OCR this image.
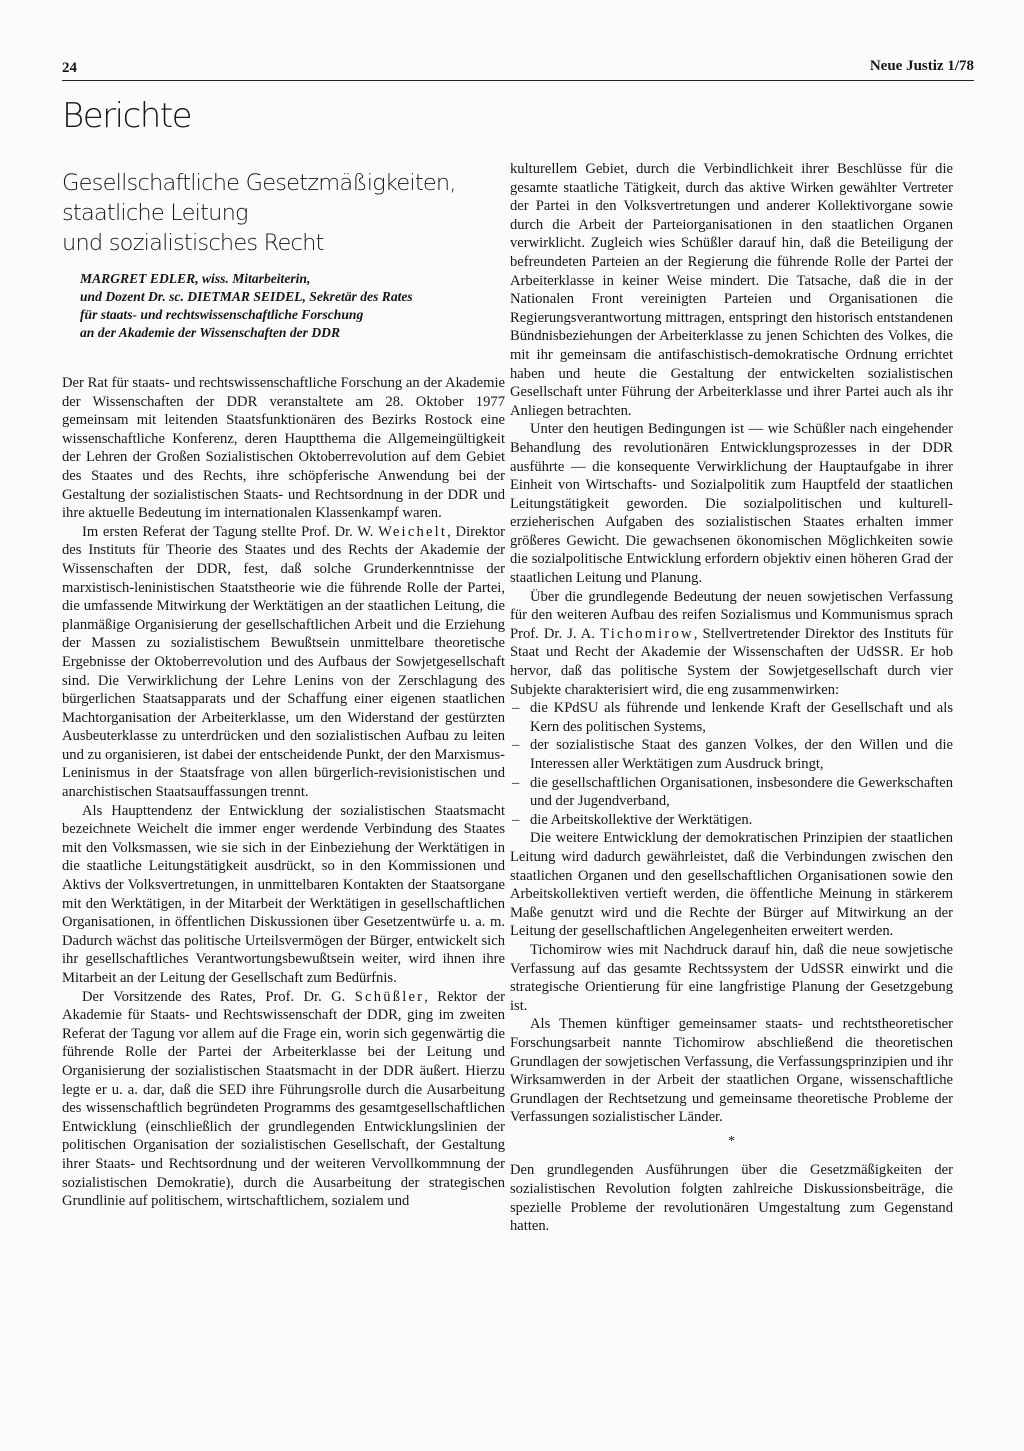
24	Neue Justiz 1/78
Berichte
Gesellschaftliche Gesetzmäßigkeiten,
staatliche Leitung
und sozialistisches Recht
MARGRET EDLER, wiss. Mitarbeiterin,
und Dozent Dr. sc. DIETMAR SEIDEL, Sekretär des Rates
für staats- und rechtswissenschaftliche Forschung
an der Akademie der Wissenschaften der DDR

Der Rat für staats- und rechtswissenschaftliche Forschung an der Akademie der Wissenschaften der DDR veranstaltete am 28. Oktober 1977 gemeinsam mit leitenden Staatsfunktionären des Bezirks Rostock eine wissenschaftliche Konferenz, deren Hauptthema die Allgemeingültigkeit der Lehren der Großen Sozialistischen Oktoberrevolution auf dem Gebiet des Staates und des Rechts, ihre schöpferische Anwendung bei der Gestaltung der sozialistischen Staats- und Rechtsordnung in der DDR und ihre aktuelle Bedeutung im internationalen Klassenkampf waren.

Im ersten Referat der Tagung stellte Prof. Dr. W. Weichelt, Direktor des Instituts für Theorie des Staates und des Rechts der Akademie der Wissenschaften der DDR, fest, daß solche Grunderkenntnisse der marxistisch-leninistischen Staatstheorie wie die führende Rolle der Partei, die umfassende Mitwirkung der Werktätigen an der staatlichen Leitung, die planmäßige Organisierung der gesellschaftlichen Arbeit und die Erziehung der Massen zu sozialistischem Bewußtsein unmittelbare theoretische Ergebnisse der Oktoberrevolution und des Aufbaus der Sowjetgesellschaft sind. Die Verwirklichung der Lehre Lenins von der Zerschlagung des bürgerlichen Staatsapparats und der Schaffung einer eigenen staatlichen Machtorganisation der Arbeiterklasse, um den Widerstand der gestürzten Ausbeuterklasse zu unterdrücken und den sozialistischen Aufbau zu leiten und zu organisieren, ist dabei der entscheidende Punkt, der den Marxismus-Leninismus in der Staatsfrage von allen bürgerlich-revisionistischen und anarchistischen Staatsauffassungen trennt.

Als Haupttendenz der Entwicklung der sozialistischen Staatsmacht bezeichnete Weichelt die immer enger werdende Verbindung des Staates mit den Volksmassen, wie sie sich in der Einbeziehung der Werktätigen in die staatliche Leitungstätigkeit ausdrückt, so in den Kommissionen und Aktivs der Volksvertretungen, in unmittelbaren Kontakten der Staatsorgane mit den Werktätigen, in der Mitarbeit der Werktätigen in gesellschaftlichen Organisationen, in öffentlichen Diskussionen über Gesetzentwürfe u. a. m. Dadurch wächst das politische Urteilsvermögen der Bürger, entwickelt sich ihr gesellschaftliches Verantwortungsbewußtsein weiter, wird ihnen ihre Mitarbeit an der Leitung der Gesellschaft zum Bedürfnis.

Der Vorsitzende des Rates, Prof. Dr. G. Schüßler, Rektor der Akademie für Staats- und Rechtswissenschaft der DDR, ging im zweiten Referat der Tagung vor allem auf die Frage ein, worin sich gegenwärtig die führende Rolle der Partei der Arbeiterklasse bei der Leitung und Organisierung der sozialistischen Staatsmacht in der DDR äußert. Hierzu legte er u. a. dar, daß die SED ihre Führungsrolle durch die Ausarbeitung des wissenschaftlich begründeten Programms des gesamtgesellschaftlichen Entwicklung (einschließlich der grundlegenden Entwicklungslinien der politischen Organisation der sozialistischen Gesellschaft, der Gestaltung ihrer Staats- und Rechtsordnung und der weiteren Vervollkommnung der sozialistischen Demokratie), durch die Ausarbeitung der strategischen Grundlinie auf politischem, wirtschaftlichem, sozialem und

kulturellem Gebiet, durch die Verbindlichkeit ihrer Beschlüsse für die gesamte staatliche Tätigkeit, durch das aktive Wirken gewählter Vertreter der Partei in den Volksvertretungen und anderer Kollektivorgane sowie durch die Arbeit der Parteiorganisationen in den staatlichen Organen verwirklicht. Zugleich wies Schüßler darauf hin, daß die Beteiligung der befreundeten Parteien an der Regierung die führende Rolle der Partei der Arbeiterklasse in keiner Weise mindert. Die Tatsache, daß die in der Nationalen Front vereinigten Parteien und Organisationen die Regierungsverantwortung mittragen, entspringt den historisch entstandenen Bündnisbeziehungen der Arbeiterklasse zu jenen Schichten des Volkes, die mit ihr gemeinsam die antifaschistisch-demokratische Ordnung errichtet haben und heute die Gestaltung der entwickelten sozialistischen Gesellschaft unter Führung der Arbeiterklasse und ihrer Partei auch als ihr Anliegen betrachten.

Unter den heutigen Bedingungen ist — wie Schüßler nach eingehender Behandlung des revolutionären Entwicklungsprozesses in der DDR ausführte — die konsequente Verwirklichung der Hauptaufgabe in ihrer Einheit von Wirtschafts- und Sozialpolitik zum Hauptfeld der staatlichen Leitungstätigkeit geworden. Die sozialpolitischen und kulturell-erzieherischen Aufgaben des sozialistischen Staates erhalten immer größeres Gewicht. Die gewachsenen ökonomischen Möglichkeiten sowie die sozialpolitische Entwicklung erfordern objektiv einen höheren Grad der staatlichen Leitung und Planung.

Über die grundlegende Bedeutung der neuen sowjetischen Verfassung für den weiteren Aufbau des reifen Sozialismus und Kommunismus sprach Prof. Dr. J. A. Tichomirow, Stellvertretender Direktor des Instituts für Staat und Recht der Akademie der Wissenschaften der UdSSR. Er hob hervor, daß das politische System der Sowjetgesellschaft durch vier Subjekte charakterisiert wird, die eng zusammenwirken:

– die KPdSU als führende und lenkende Kraft der Gesellschaft und als Kern des politischen Systems,
– der sozialistische Staat des ganzen Volkes, der den Willen und die Interessen aller Werktätigen zum Ausdruck bringt,
– die gesellschaftlichen Organisationen, insbesondere die Gewerkschaften und der Jugendverband,
– die Arbeitskollektive der Werktätigen.

Die weitere Entwicklung der demokratischen Prinzipien der staatlichen Leitung wird dadurch gewährleistet, daß die Verbindungen zwischen den staatlichen Organen und den gesellschaftlichen Organisationen sowie den Arbeitskollektiven vertieft werden, die öffentliche Meinung in stärkerem Maße genutzt wird und die Rechte der Bürger auf Mitwirkung an der Leitung der gesellschaftlichen Angelegenheiten erweitert werden.

Tichomirow wies mit Nachdruck darauf hin, daß die neue sowjetische Verfassung auf das gesamte Rechtssystem der UdSSR einwirkt und die strategische Orientierung für eine langfristige Planung der Gesetzgebung ist.

Als Themen künftiger gemeinsamer staats- und rechtstheoretischer Forschungsarbeit nannte Tichomirow abschließend die theoretischen Grundlagen der sowjetischen Verfassung, die Verfassungsprinzipien und ihr Wirksamwerden in der Arbeit der staatlichen Organe, wissenschaftliche Grundlagen der Rechtsetzung und gemeinsame theoretische Probleme der Verfassungen sozialistischer Länder.

*

Den grundlegenden Ausführungen über die Gesetzmäßigkeiten der sozialistischen Revolution folgten zahlreiche Diskussionsbeiträge, die spezielle Probleme der revolutionären Umgestaltung zum Gegenstand hatten.
